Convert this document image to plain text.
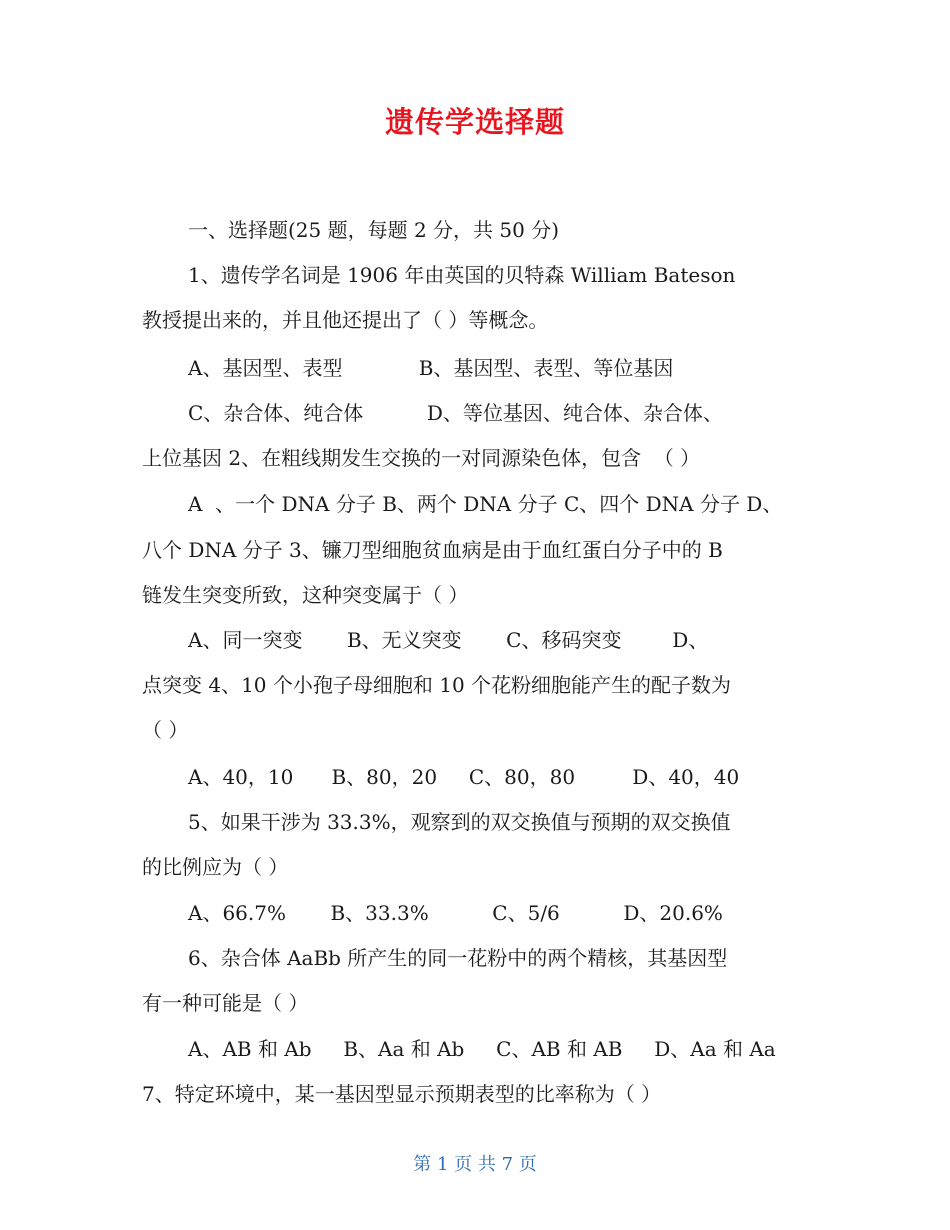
遗传学选择题
一、选择题(25 题，每题 2 分，共 50 分)
1、遗传学名词是 1906 年由英国的贝特森 William Bateson
教授提出来的，并且他还提出了（ ）等概念。
A、基因型、表型            B、基因型、表型、等位基因
C、杂合体、纯合体          D、等位基因、纯合体、杂合体、
上位基因 2、在粗线期发生交换的一对同源染色体，包含  （ ）
A  、一个 DNA 分子 B、两个 DNA 分子 C、四个 DNA 分子 D、
八个 DNA 分子 3、镰刀型细胞贫血病是由于血红蛋白分子中的 B
链发生突变所致，这种突变属于（ ）
A、同一突变       B、无义突变       C、移码突变        D、
点突变 4、10 个小孢子母细胞和 10 个花粉细胞能产生的配子数为
（ ）
A、40，10      B、80，20     C、80，80         D、40，40
5、如果干涉为 33.3%，观察到的双交换值与预期的双交换值
的比例应为（ ）
A、66.7%       B、33.3%          C、5/6          D、20.6%
6、杂合体 AaBb 所产生的同一花粉中的两个精核，其基因型
有一种可能是（ ）
A、AB 和 Ab     B、Aa 和 Ab     C、AB 和 AB     D、Aa 和 Aa
7、特定环境中，某一基因型显示预期表型的比率称为（ ）
第 1 页 共 7 页
